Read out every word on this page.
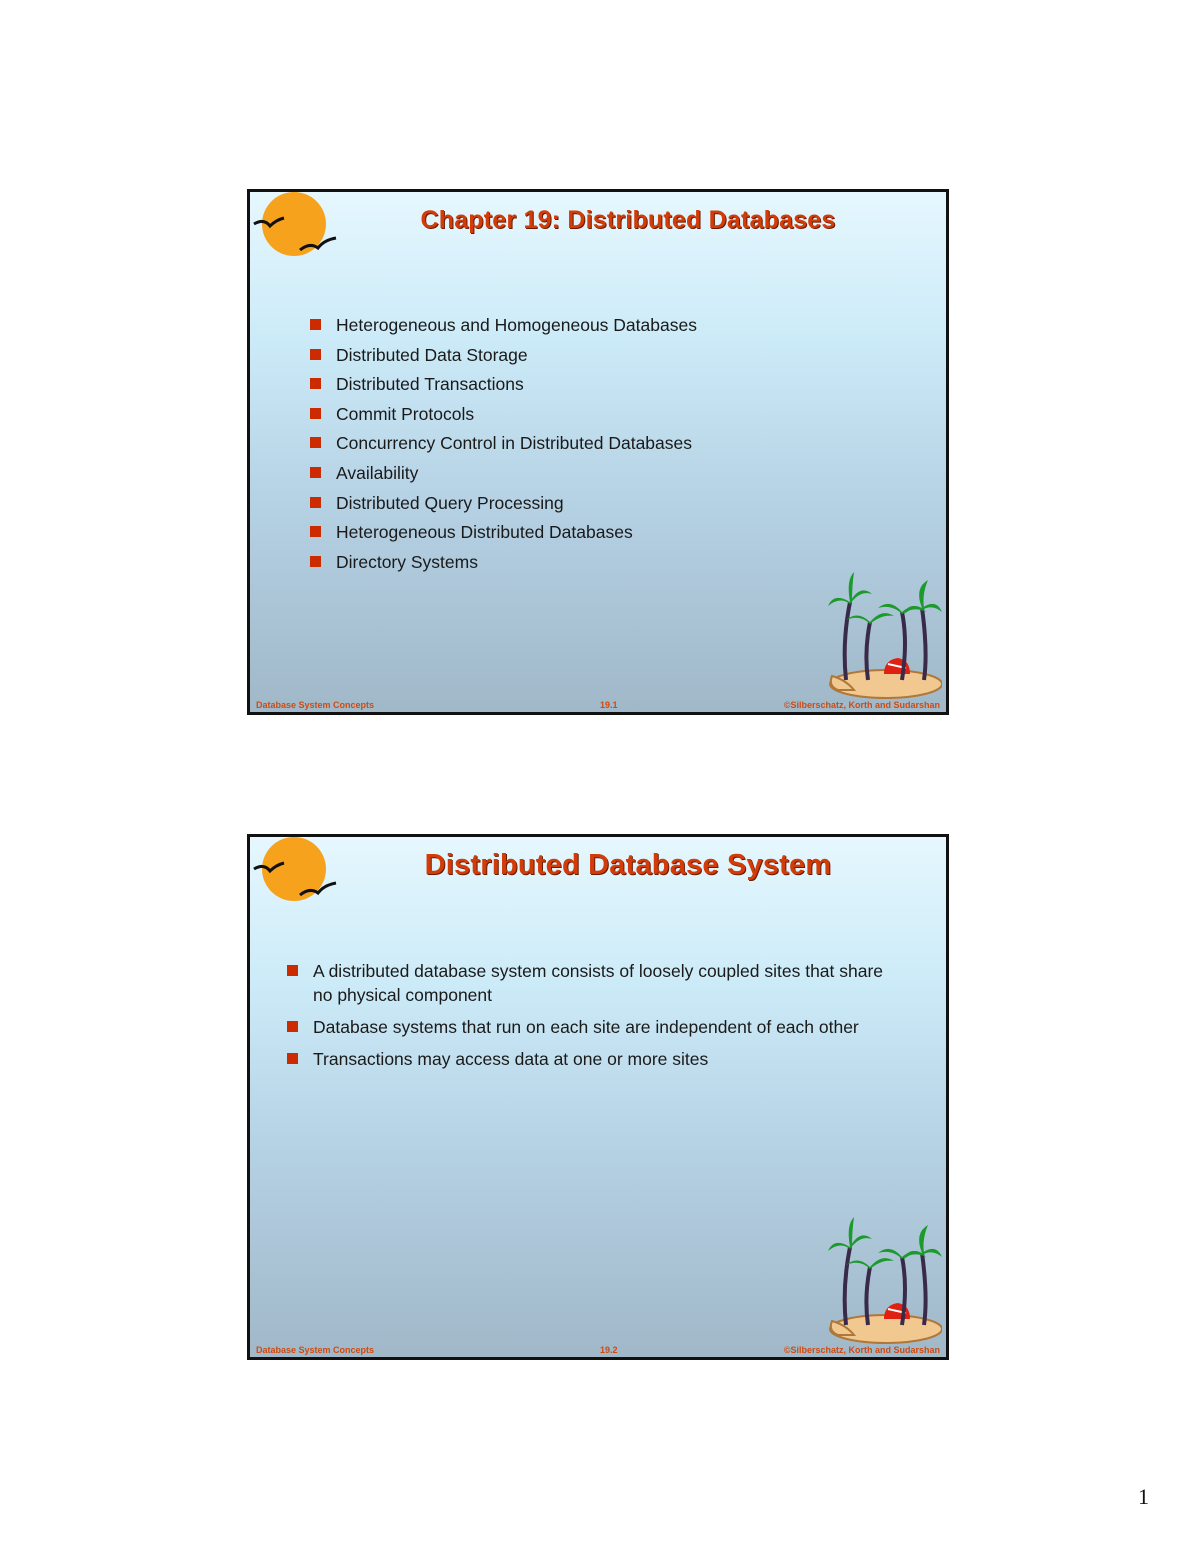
Chapter 19: Distributed Databases
Heterogeneous and Homogeneous Databases
Distributed Data Storage
Distributed Transactions
Commit Protocols
Concurrency Control in Distributed Databases
Availability
Distributed Query Processing
Heterogeneous Distributed Databases
Directory Systems
Database System Concepts	19.1	©Silberschatz, Korth and Sudarshan
Distributed Database System
A distributed database system consists of loosely coupled sites that share no physical component
Database systems that run on each site are independent of each other
Transactions may access data at one or more sites
Database System Concepts	19.2	©Silberschatz, Korth and Sudarshan
1
